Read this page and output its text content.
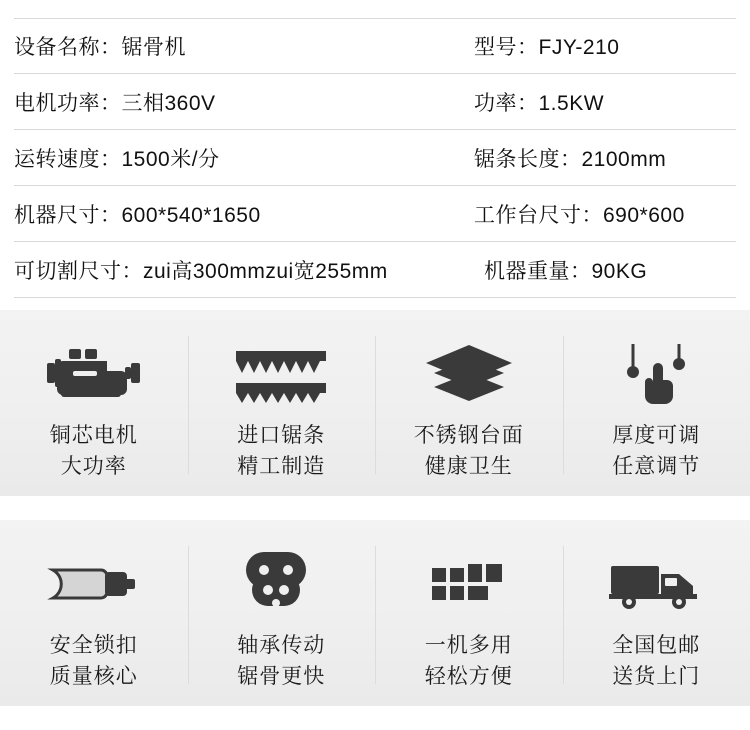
设备名称：锯骨机	型号：FJY-210
电机功率：三相360V	功率：1.5KW
运转速度：1500米/分	锯条长度：2100mm
机器尺寸：600*540*1650	工作台尺寸：690*600
可切割尺寸：zui高300mmzui宽255mm	机器重量：90KG
铜芯电机
大功率
进口锯条
精工制造
不锈钢台面
健康卫生
厚度可调
任意调节
安全锁扣
质量核心
轴承传动
锯骨更快
一机多用
轻松方便
全国包邮
送货上门
